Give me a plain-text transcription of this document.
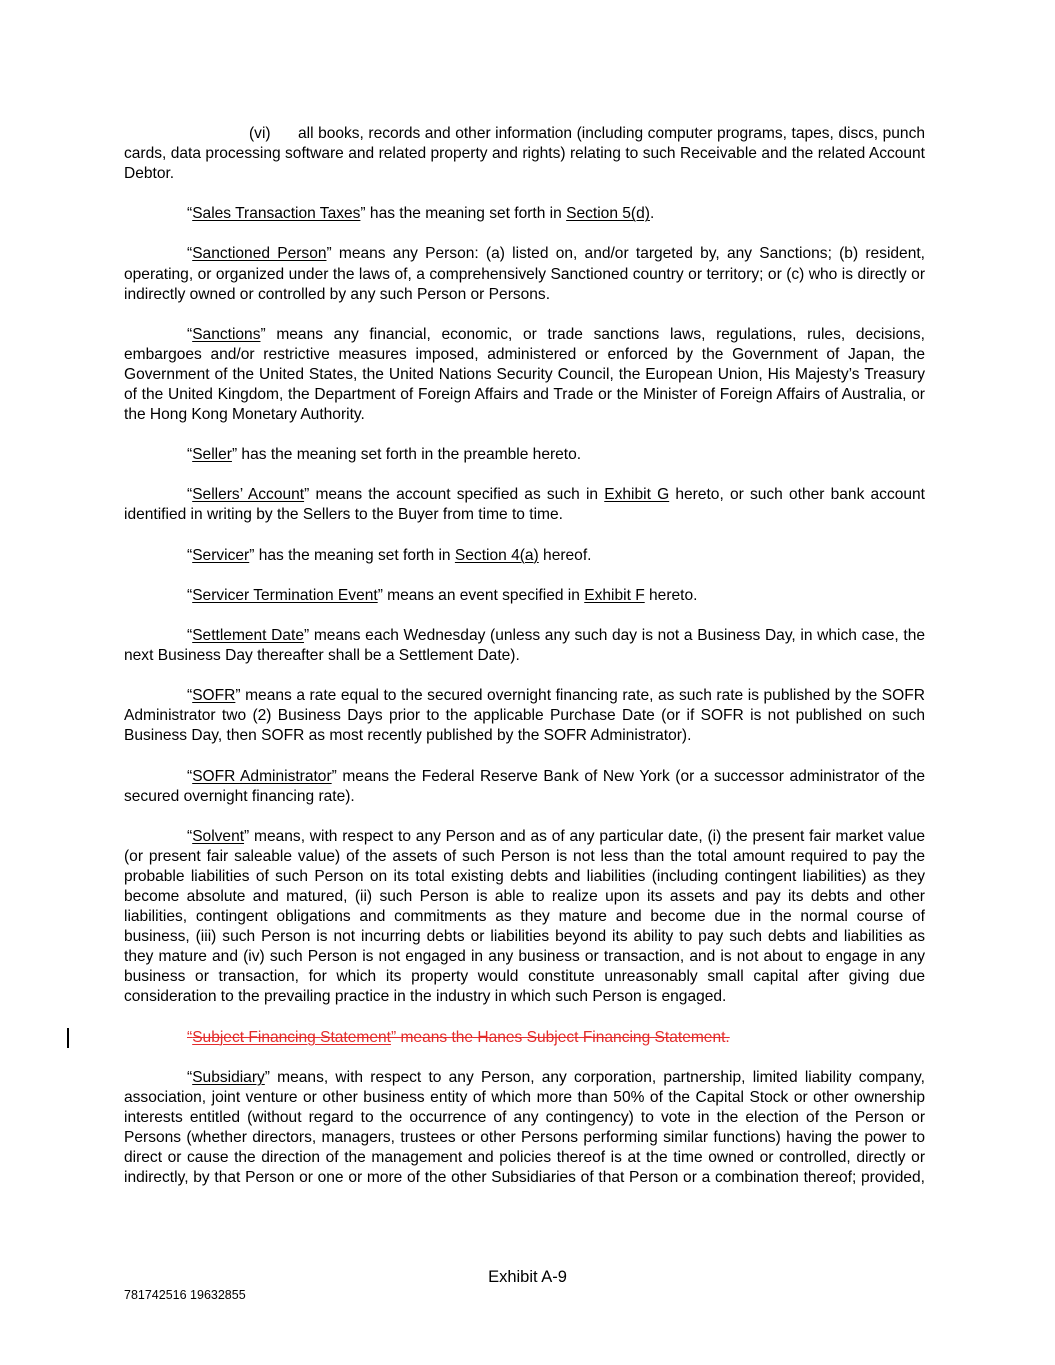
(vi) all books, records and other information (including computer programs, tapes, discs, punch cards, data processing software and related property and rights) relating to such Receivable and the related Account Debtor.

“Sales Transaction Taxes” has the meaning set forth in Section 5(d).

“Sanctioned Person” means any Person: (a) listed on, and/or targeted by, any Sanctions; (b) resident, operating, or organized under the laws of, a comprehensively Sanctioned country or territory; or (c) who is directly or indirectly owned or controlled by any such Person or Persons.

“Sanctions” means any financial, economic, or trade sanctions laws, regulations, rules, decisions, embargoes and/or restrictive measures imposed, administered or enforced by the Government of Japan, the Government of the United States, the United Nations Security Council, the European Union, His Majesty’s Treasury of the United Kingdom, the Department of Foreign Affairs and Trade or the Minister of Foreign Affairs of Australia, or the Hong Kong Monetary Authority.

“Seller” has the meaning set forth in the preamble hereto.

“Sellers’ Account” means the account specified as such in Exhibit G hereto, or such other bank account identified in writing by the Sellers to the Buyer from time to time.

“Servicer” has the meaning set forth in Section 4(a) hereof.

“Servicer Termination Event” means an event specified in Exhibit F hereto.

“Settlement Date” means each Wednesday (unless any such day is not a Business Day, in which case, the next Business Day thereafter shall be a Settlement Date).

“SOFR” means a rate equal to the secured overnight financing rate, as such rate is published by the SOFR Administrator two (2) Business Days prior to the applicable Purchase Date (or if SOFR is not published on such Business Day, then SOFR as most recently published by the SOFR Administrator).

“SOFR Administrator” means the Federal Reserve Bank of New York (or a successor administrator of the secured overnight financing rate).

“Solvent” means, with respect to any Person and as of any particular date, (i) the present fair market value (or present fair saleable value) of the assets of such Person is not less than the total amount required to pay the probable liabilities of such Person on its total existing debts and liabilities (including contingent liabilities) as they become absolute and matured, (ii) such Person is able to realize upon its assets and pay its debts and other liabilities, contingent obligations and commitments as they mature and become due in the normal course of business, (iii) such Person is not incurring debts or liabilities beyond its ability to pay such debts and liabilities as they mature and (iv) such Person is not engaged in any business or transaction, and is not about to engage in any business or transaction, for which its property would constitute unreasonably small capital after giving due consideration to the prevailing practice in the industry in which such Person is engaged.

“Subject Financing Statement” means the Hanes Subject Financing Statement.

“Subsidiary” means, with respect to any Person, any corporation, partnership, limited liability company, association, joint venture or other business entity of which more than 50% of the Capital Stock or other ownership interests entitled (without regard to the occurrence of any contingency) to vote in the election of the Person or Persons (whether directors, managers, trustees or other Persons performing similar functions) having the power to direct or cause the direction of the management and policies thereof is at the time owned or controlled, directly or indirectly, by that Person or one or more of the other Subsidiaries of that Person or a combination thereof; provided,

Exhibit A-9
781742516 19632855
